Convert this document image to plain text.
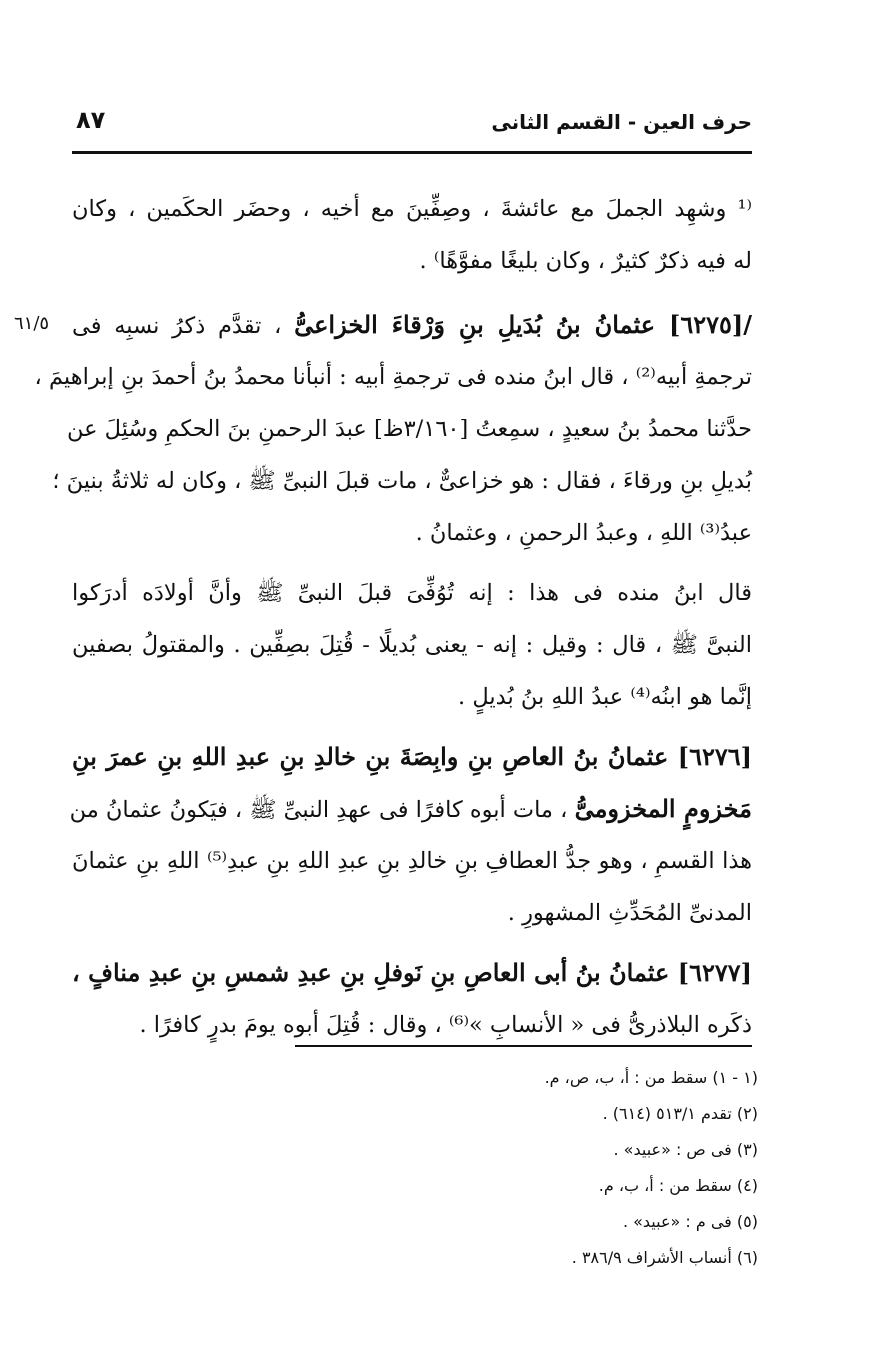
حرف العين - القسم الثانى
٨٧
٦١/٥
⁽¹ وشهِد الجملَ مع عائشةَ ، وصِفِّينَ مع أخيه ، وحضَر الحكَمين ، وكان
له فيه ذكرٌ كثيرٌ ، وكان بليغًا مفوَّهًا⁾ .
/[٦٢٧٥] عثمانُ بنُ بُدَيلِ بنِ وَرْقاءَ الخزاعىُّ ، تقدَّم ذكرُ نسبِه فى
ترجمةِ أبيه⁽²⁾ ، قال ابنُ منده فى ترجمةِ أبيه : أنبأنا محمدُ بنُ أحمدَ بنِ إبراهيمَ ،
حدَّثنا محمدُ بنُ سعيدٍ ، سمِعتُ [٣/١٦٠ظ] عبدَ الرحمنِ بنَ الحكمِ وسُئِلَ عن
بُديلِ بنِ ورقاءَ ، فقال : هو خزاعىٌّ ، مات قبلَ النبىِّ ﷺ ، وكان له ثلاثةُ بنينَ ؛
عبدُ⁽³⁾ اللهِ ، وعبدُ الرحمنِ ، وعثمانُ .
قال ابنُ منده فى هذا : إنه تُوُفِّىَ قبلَ النبىِّ ﷺ وأنَّ أولادَه أدرَكوا
النبىَّ ﷺ ، قال : وقيل : إنه - يعنى بُديلًا - قُتِلَ بصِفِّين . والمقتولُ بصفين
إنَّما هو ابنُه⁽⁴⁾ عبدُ اللهِ بنُ بُديلٍ .
[٦٢٧٦] عثمانُ بنُ العاصِ بنِ وابِصَةَ بنِ خالدِ بنِ عبدِ اللهِ بنِ عمرَ بنِ
مَخزومٍ المخزومىُّ ، مات أبوه كافرًا فى عهدِ النبىِّ ﷺ ، فيَكونُ عثمانُ من
هذا القسمِ ، وهو جدُّ العطافِ بنِ خالدِ بنِ عبدِ اللهِ بنِ عبدِ⁽⁵⁾ اللهِ بنِ عثمانَ
المدنىِّ المُحَدِّثِ المشهورِ .
[٦٢٧٧] عثمانُ بنُ أبى العاصِ بنِ نَوفلِ بنِ عبدِ شمسِ بنِ عبدِ منافٍ ،
ذكَره البلاذرىُّ فى « الأنسابِ »⁽⁶⁾ ، وقال : قُتِلَ أبوه يومَ بدرٍ كافرًا .
(١ - ١) سقط من : أ، ب، ص، م.
(٢) تقدم ٥١٣/١ (٦١٤) .
(٣) فى ص : «عبيد» .
(٤) سقط من : أ، ب، م.
(٥) فى م : «عبيد» .
(٦) أنساب الأشراف ٣٨٦/٩ .
